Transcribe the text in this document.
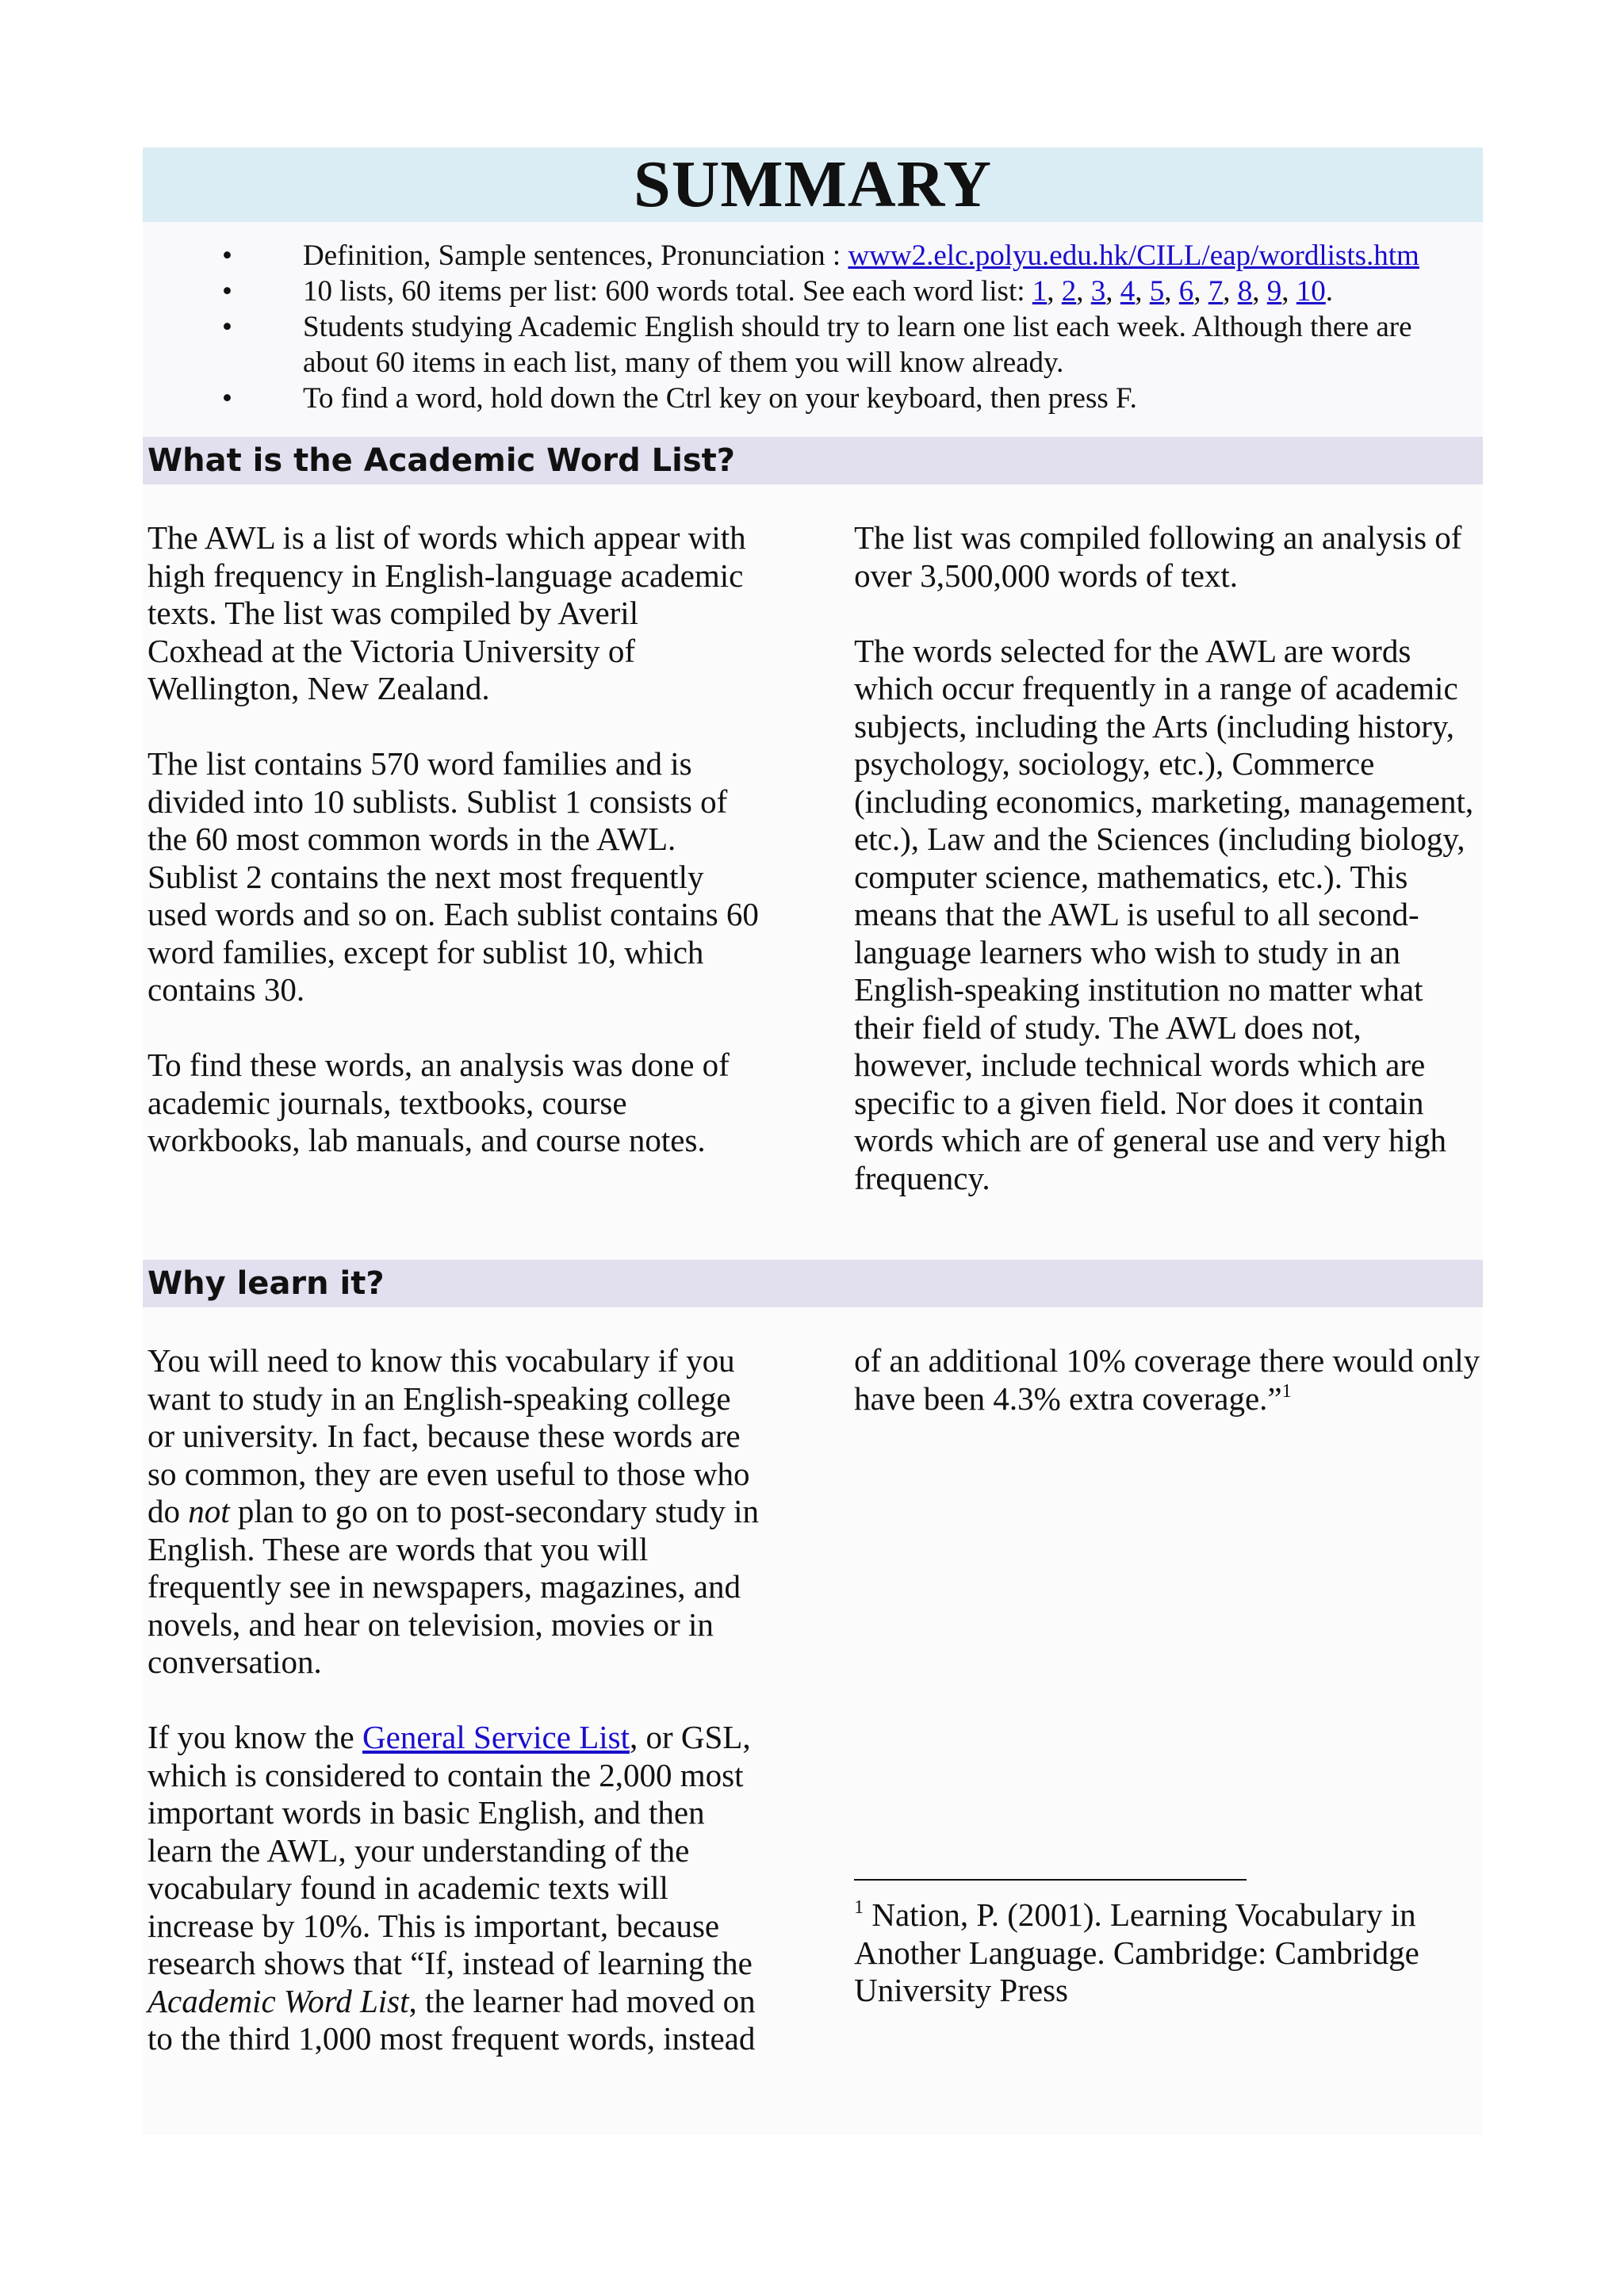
SUMMARY
• Definition, Sample sentences, Pronunciation : www2.elc.polyu.edu.hk/CILL/eap/wordlists.htm
• 10 lists, 60 items per list: 600 words total. See each word list: 1, 2, 3, 4, 5, 6, 7, 8, 9, 10.
• Students studying Academic English should try to learn one list each week. Although there are about 60 items in each list, many of them you will know already.
• To find a word, hold down the Ctrl key on your keyboard, then press F.
What is the Academic Word List?

The AWL is a list of words which appear with high frequency in English-language academic texts. The list was compiled by Averil Coxhead at the Victoria University of Wellington, New Zealand.

The list contains 570 word families and is divided into 10 sublists. Sublist 1 consists of the 60 most common words in the AWL. Sublist 2 contains the next most frequently used words and so on. Each sublist contains 60 word families, except for sublist 10, which contains 30.

To find these words, an analysis was done of academic journals, textbooks, course workbooks, lab manuals, and course notes.

The list was compiled following an analysis of over 3,500,000 words of text.

The words selected for the AWL are words which occur frequently in a range of academic subjects, including the Arts (including history, psychology, sociology, etc.), Commerce (including economics, marketing, management, etc.), Law and the Sciences (including biology, computer science, mathematics, etc.). This means that the AWL is useful to all second-language learners who wish to study in an English-speaking institution no matter what their field of study. The AWL does not, however, include technical words which are specific to a given field. Nor does it contain words which are of general use and very high frequency.

Why learn it?

You will need to know this vocabulary if you want to study in an English-speaking college or university. In fact, because these words are so common, they are even useful to those who do not plan to go on to post-secondary study in English. These are words that you will frequently see in newspapers, magazines, and novels, and hear on television, movies or in conversation.

If you know the General Service List, or GSL, which is considered to contain the 2,000 most important words in basic English, and then learn the AWL, your understanding of the vocabulary found in academic texts will increase by 10%. This is important, because research shows that “If, instead of learning the Academic Word List, the learner had moved on to the third 1,000 most frequent words, instead

of an additional 10% coverage there would only have been 4.3% extra coverage.”$^1$

$^1$ Nation, P. (2001). Learning Vocabulary in Another Language. Cambridge: Cambridge University Press
